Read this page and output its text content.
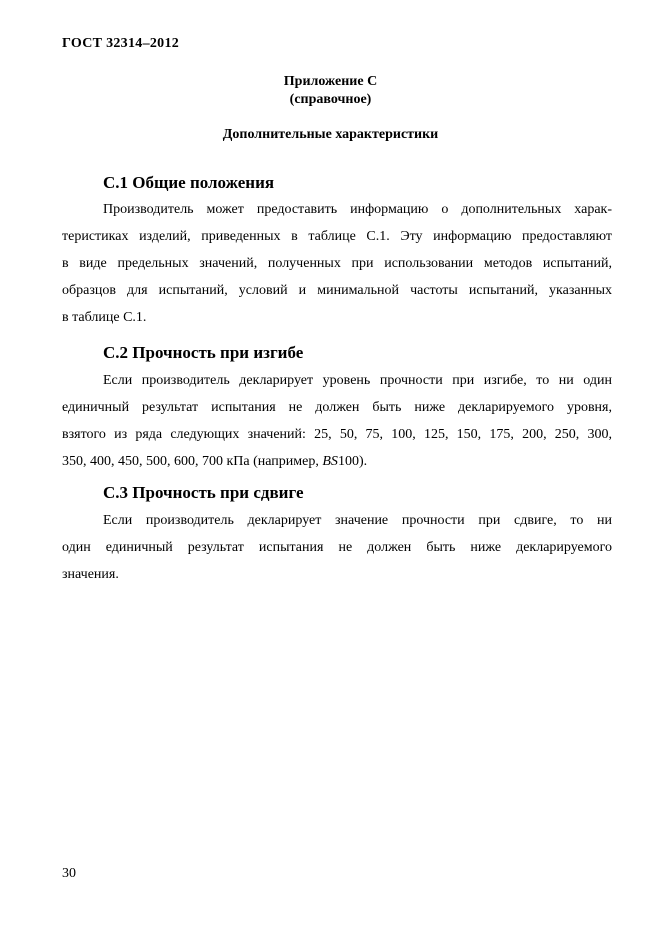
ГОСТ 32314–2012
Приложение С
(справочное)
Дополнительные характеристики
С.1 Общие положения
Производитель может предоставить информацию о дополнительных харак-
теристиках изделий, приведенных в таблице С.1. Эту информацию предоставляют
в виде предельных значений, полученных при использовании методов испытаний,
образцов для испытаний, условий и минимальной частоты испытаний, указанных
в таблице С.1.
С.2 Прочность при изгибе
Если производитель декларирует уровень прочности при изгибе, то ни один
единичный результат испытания не должен быть ниже декларируемого уровня,
взятого из ряда следующих значений: 25, 50, 75, 100, 125, 150, 175, 200, 250, 300,
350, 400, 450, 500, 600, 700 кПа (например, BS100).
С.3 Прочность при сдвиге
Если производитель декларирует значение прочности при сдвиге, то ни
один единичный результат испытания не должен быть ниже декларируемого
значения.
30
